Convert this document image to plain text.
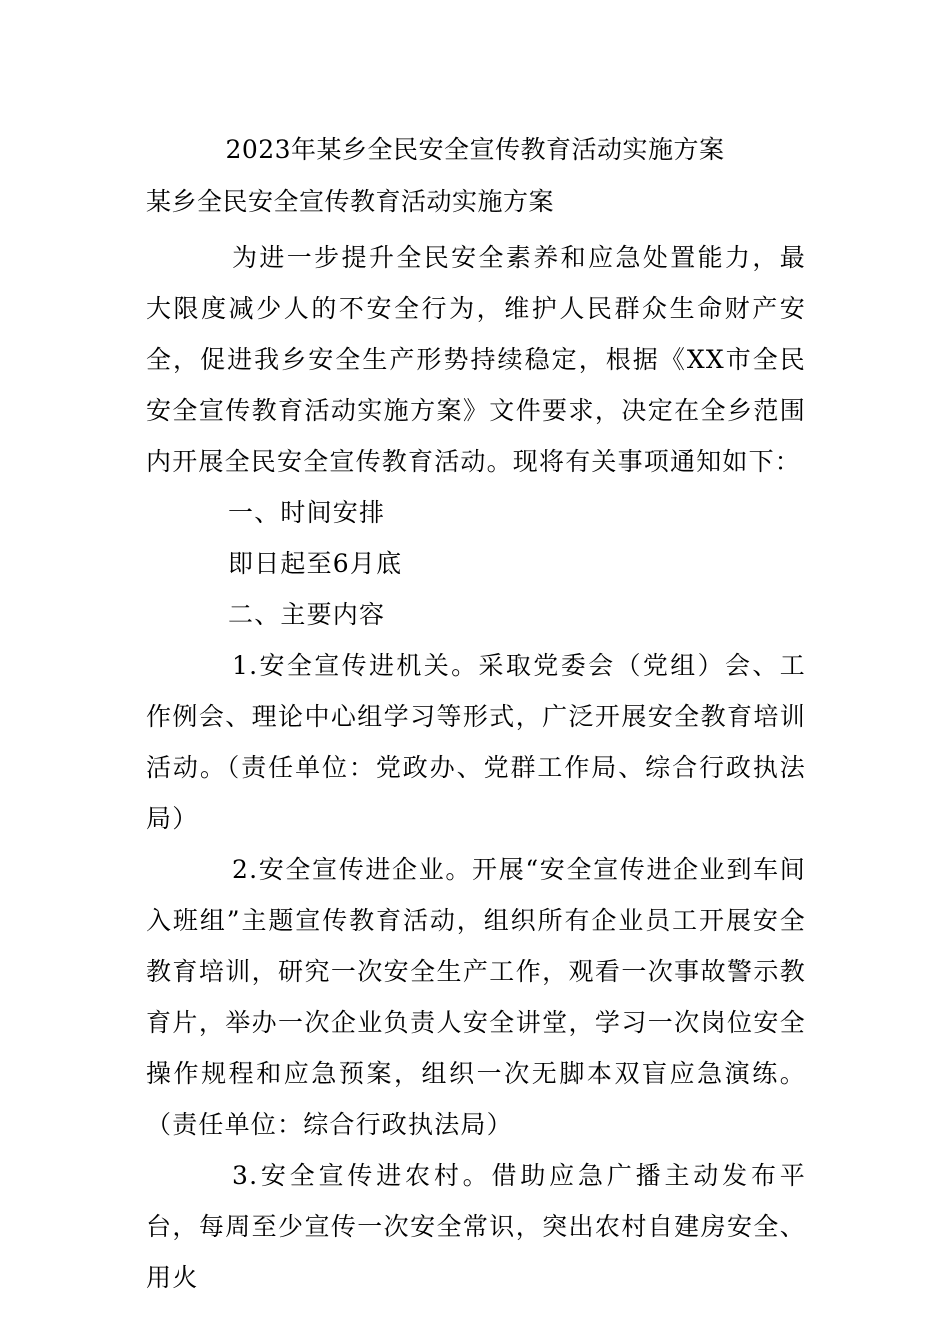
2023年某乡全民安全宣传教育活动实施方案
某乡全民安全宣传教育活动实施方案

为进一步提升全民安全素养和应急处置能力，最大限度减少人的不安全行为，维护人民群众生命财产安全，促进我乡安全生产形势持续稳定，根据《XX市全民安全宣传教育活动实施方案》文件要求，决定在全乡范围内开展全民安全宣传教育活动。现将有关事项通知如下：

一、时间安排

即日起至6月底

二、主要内容

1.安全宣传进机关。采取党委会（党组）会、工作例会、理论中心组学习等形式，广泛开展安全教育培训活动。（责任单位：党政办、党群工作局、综合行政执法局）

2.安全宣传进企业。开展“安全宣传进企业到车间入班组”主题宣传教育活动，组织所有企业员工开展安全教育培训，研究一次安全生产工作，观看一次事故警示教育片，举办一次企业负责人安全讲堂，学习一次岗位安全操作规程和应急预案，组织一次无脚本双盲应急演练。（责任单位：综合行政执法局）

3.安全宣传进农村。借助应急广播主动发布平台，每周至少宣传一次安全常识，突出农村自建房安全、用火
